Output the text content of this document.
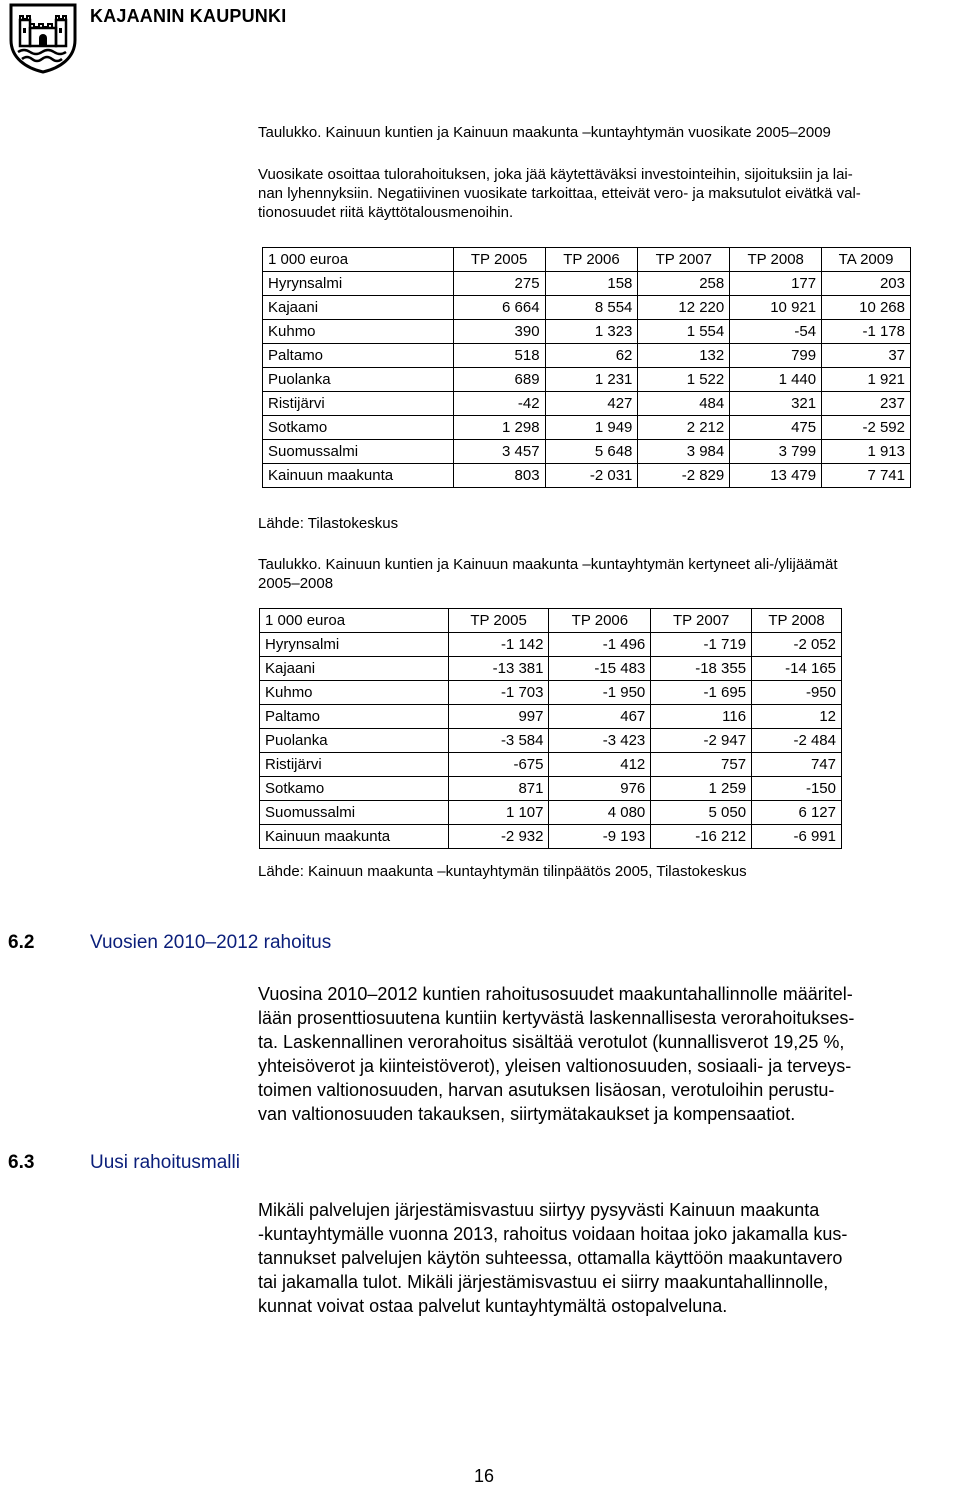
KAJAANIN KAUPUNKI
Taulukko. Kainuun kuntien ja Kainuun maakunta –kuntayhtymän vuosikate 2005–2009
Vuosikate osoittaa tulorahoituksen, joka jää käytettäväksi investointeihin, sijoituksiin ja lai-
nan lyhennyksiin. Negatiivinen vuosikate tarkoittaa, etteivät vero- ja maksutulot eivätkä val-
tionosuudet riitä käyttötalousmenoihin.
1 000 euroa	TP 2005	TP 2006	TP 2007	TP 2008	TA 2009
Hyrynsalmi	275	158	258	177	203
Kajaani	6 664	8 554	12 220	10 921	10 268
Kuhmo	390	1 323	1 554	-54	-1 178
Paltamo	518	62	132	799	37
Puolanka	689	1 231	1 522	1 440	1 921
Ristijärvi	-42	427	484	321	237
Sotkamo	1 298	1 949	2 212	475	-2 592
Suomussalmi	3 457	5 648	3 984	3 799	1 913
Kainuun maakunta	803	-2 031	-2 829	13 479	7 741
Lähde: Tilastokeskus
Taulukko. Kainuun kuntien ja Kainuun maakunta –kuntayhtymän kertyneet ali-/ylijäämät
2005–2008
1 000 euroa	TP 2005	TP 2006	TP 2007	TP 2008
Hyrynsalmi	-1 142	-1 496	-1 719	-2 052
Kajaani	-13 381	-15 483	-18 355	-14 165
Kuhmo	-1 703	-1 950	-1 695	-950
Paltamo	997	467	116	12
Puolanka	-3 584	-3 423	-2 947	-2 484
Ristijärvi	-675	412	757	747
Sotkamo	871	976	1 259	-150
Suomussalmi	1 107	4 080	5 050	6 127
Kainuun maakunta	-2 932	-9 193	-16 212	-6 991
Lähde: Kainuun maakunta –kuntayhtymän tilinpäätös 2005, Tilastokeskus
6.2	Vuosien 2010–2012 rahoitus
Vuosina 2010–2012 kuntien rahoitusosuudet maakuntahallinnolle määritel-
lään prosenttiosuutena kuntiin kertyvästä laskennallisesta verorahoitukses-
ta. Laskennallinen verorahoitus sisältää verotulot (kunnallisverot 19,25 %,
yhteisöverot ja kiinteistöverot), yleisen valtionosuuden, sosiaali- ja terveys-
toimen valtionosuuden, harvan asutuksen lisäosan, verotuloihin perustu-
van valtionosuuden takauksen, siirtymätakaukset ja kompensaatiot.
6.3	Uusi rahoitusmalli
Mikäli palvelujen järjestämisvastuu siirtyy pysyvästi Kainuun maakunta
-kuntayhtymälle vuonna 2013, rahoitus voidaan hoitaa joko jakamalla kus-
tannukset palvelujen käytön suhteessa, ottamalla käyttöön maakuntavero
tai jakamalla tulot. Mikäli järjestämisvastuu ei siirry maakuntahallinnolle,
kunnat voivat ostaa palvelut kuntayhtymältä ostopalveluna.
16
